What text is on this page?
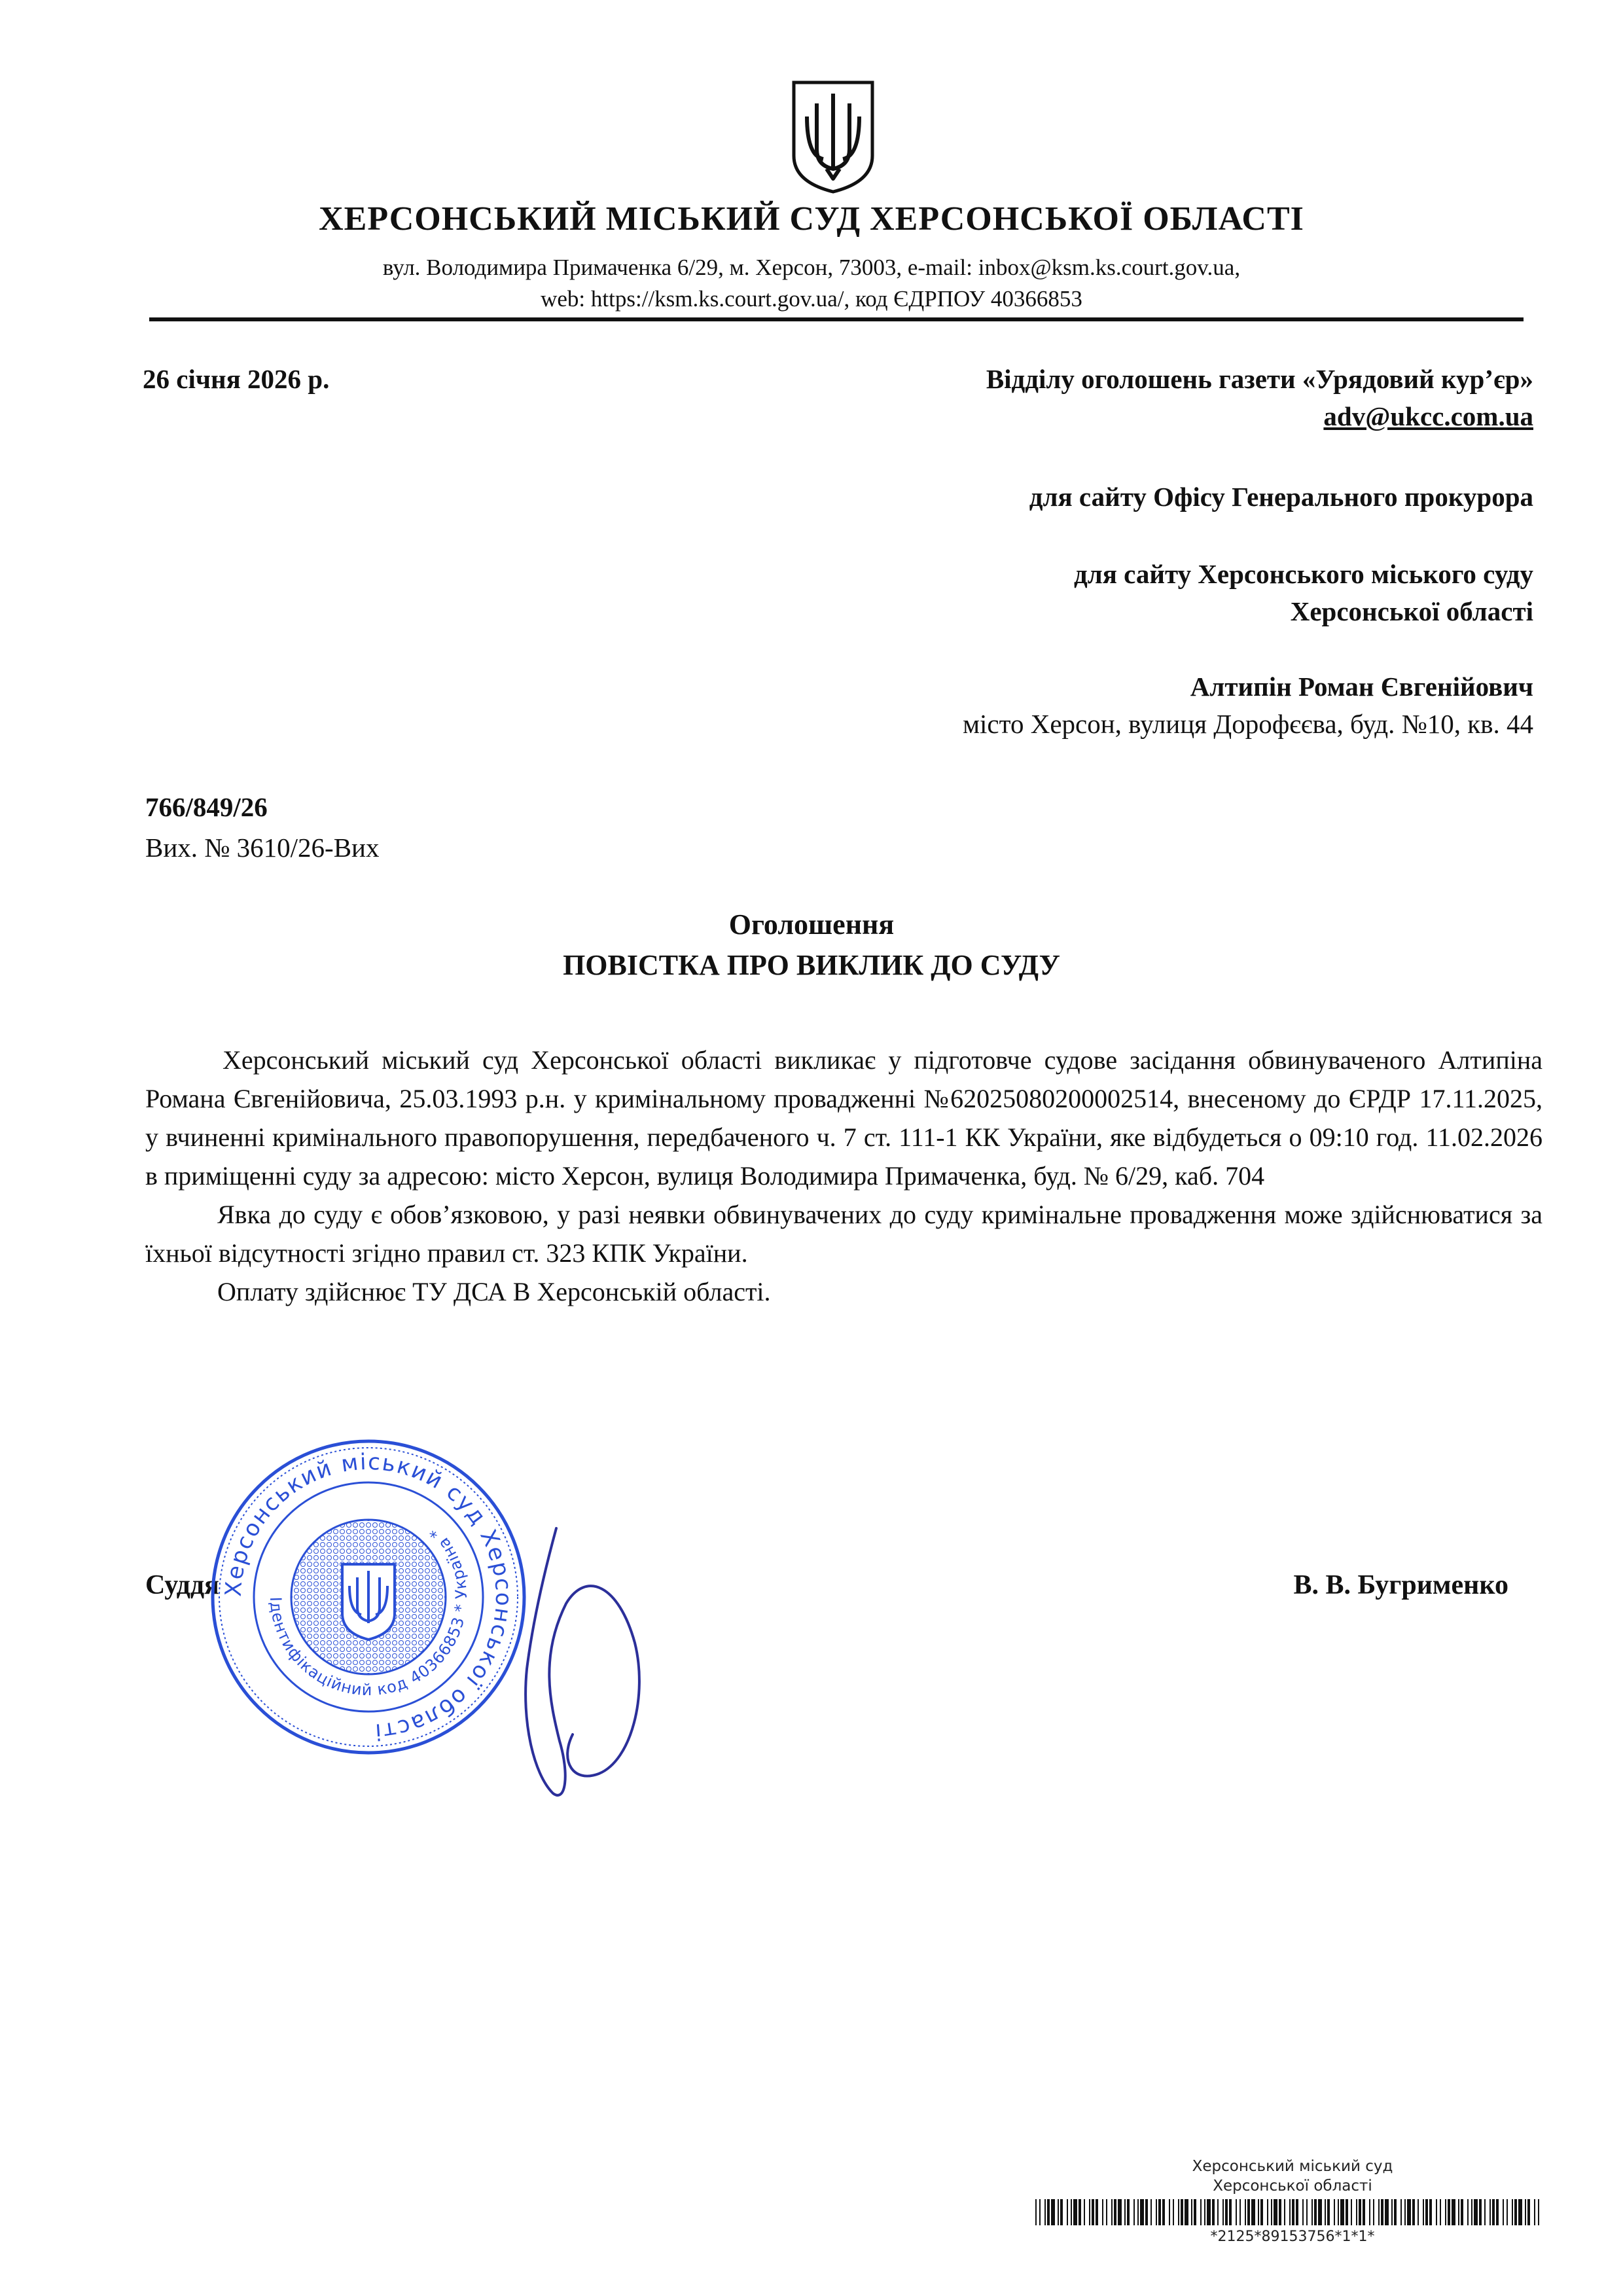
ХЕРСОНСЬКИЙ МІСЬКИЙ СУД ХЕРСОНСЬКОЇ ОБЛАСТІ
вул. Володимира Примаченка 6/29, м. Херсон, 73003, e-mail: inbox@ksm.ks.court.gov.ua,
web: https://ksm.ks.court.gov.ua/, код ЄДРПОУ 40366853
26 січня 2026 р.	Відділу оголошень газети «Урядовий кур’єр»
adv@ukcc.com.ua
для сайту Офісу Генерального прокурора
для сайту Херсонського міського суду
Херсонської області
Алтипін Роман Євгенійович
місто Херсон, вулиця Дорофєєва, буд. №10, кв. 44
766/849/26
Вих. № 3610/26-Вих
Оголошення
ПОВІСТКА ПРО ВИКЛИК ДО СУДУ

Херсонський міський суд Херсонської області викликає у підготовче судове засідання обвинуваченого Алтипіна Романа Євгенійовича, 25.03.1993 р.н. у кримінальному провадженні №62025080200002514, внесеному до ЄРДР 17.11.2025, у вчиненні кримінального правопорушення, передбаченого ч. 7 ст. 111-1 КК України, яке відбудеться о 09:10 год. 11.02.2026 в приміщенні суду за адресою: місто Херсон, вулиця Володимира Примаченка, буд. № 6/29, каб. 704

Явка до суду є обов’язковою, у разі неявки обвинувачених до суду кримінальне провадження може здійснюватися за їхньої відсутності згідно правил ст. 323 КПК України.

Оплату здійснює ТУ ДСА В Херсонській області.

Суддя	В. В. Бугрименко
Херсонський міський суд Херсонської області
Ідентифікаційний код 40366853 * Україна *
Херсонський міський суд
Херсонської області
*2125*89153756*1*1*
